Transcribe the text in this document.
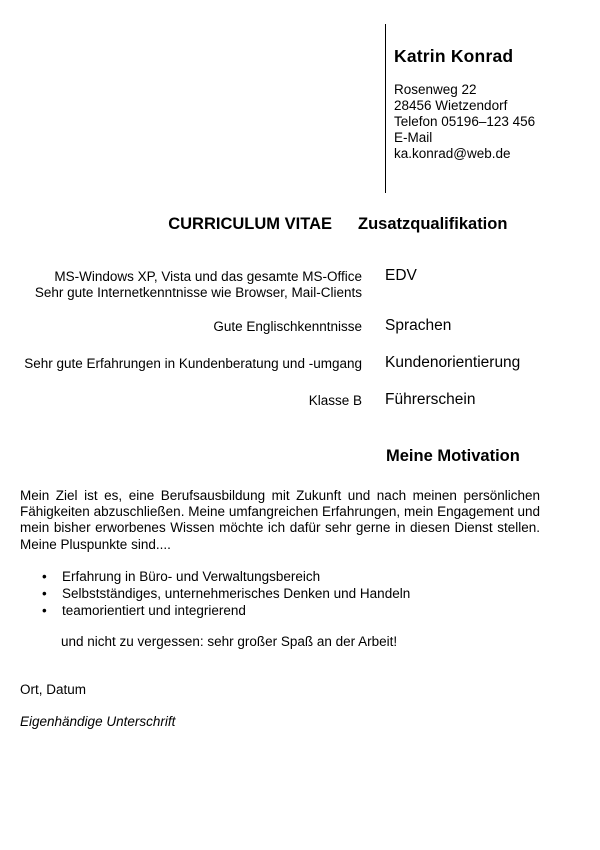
Katrin Konrad
Rosenweg 22
28456 Wietzendorf
Telefon 05196–123 456
E-Mail
ka.konrad@web.de
CURRICULUM VITAE Zusatzqualifikation
MS-Windows XP, Vista und das gesamte MS-Office
Sehr gute Internetkenntnisse wie Browser, Mail-Clients
EDV
Gute Englischkenntnisse Sprachen
Sehr gute Erfahrungen in Kundenberatung und -umgang Kundenorientierung
Klasse B Führerschein
Meine Motivation
Mein Ziel ist es, eine Berufsausbildung mit Zukunft und nach meinen persönlichen Fähigkeiten abzuschließen. Meine umfangreichen Erfahrungen, mein Engagement und mein bisher erworbenes Wissen möchte ich dafür sehr gerne in diesen Dienst stellen. Meine Pluspunkte sind....
• Erfahrung in Büro- und Verwaltungsbereich
• Selbstständiges, unternehmerisches Denken und Handeln
• teamorientiert und integrierend
und nicht zu vergessen: sehr großer Spaß an der Arbeit!
Ort, Datum
Eigenhändige Unterschrift
